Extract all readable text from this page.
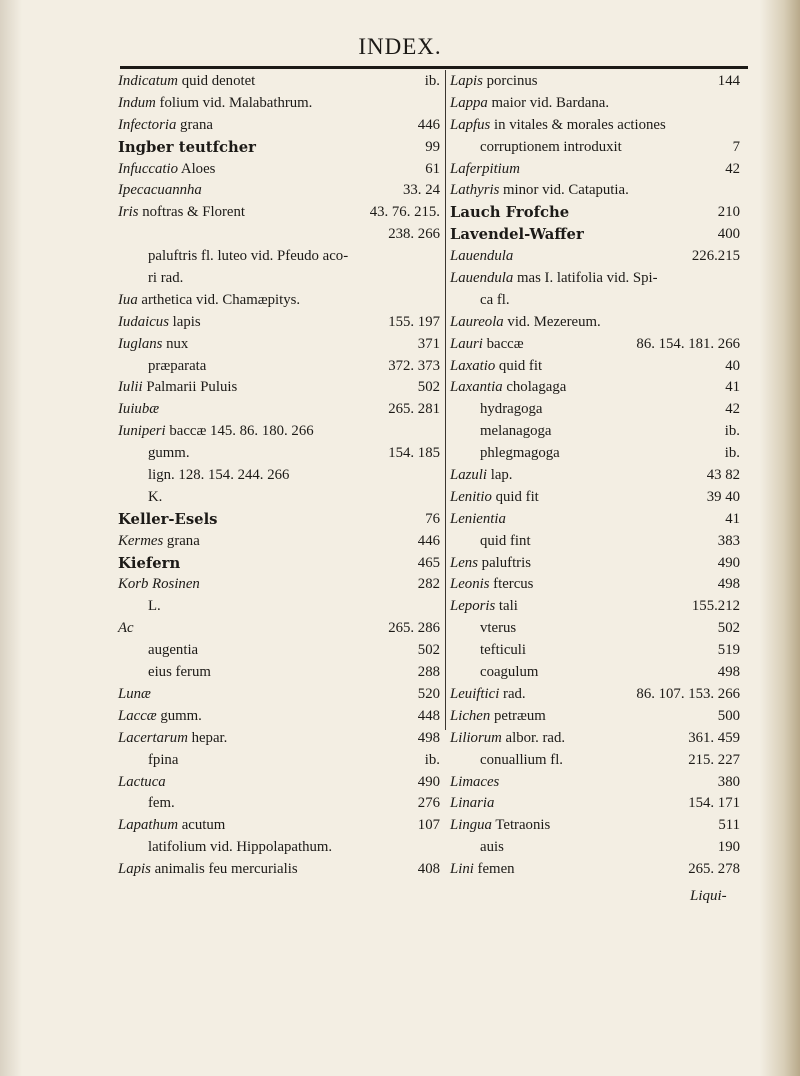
INDEX.
Indicatum quid denotet	ib.
Indum folium vid. Malabathrum.
Infectoria grana	446
Ingber teutfcher	99
Infuccatio Aloes	61
Ipecacuannha	33. 24
Iris noftras & Florent	43. 76. 215.
238. 266
paluftris fl. luteo vid. Pfeudo aco-
ri rad.
Iua arthetica vid. Chamæpitys.
Iudaicus lapis	155. 197
Iuglans nux	371
præparata	372. 373
Iulii Palmarii Puluis	502
Iuiubæ	265. 281
Iuniperi baccæ 145. 86. 180. 266
gumm.	154. 185
lign. 128. 154. 244. 266
K.
Keller-Esels	76
Kermes grana	446
Kiefern	465
Korb Rosinen	282
L.
Ac	265. 286
augentia	502
eius ferum	288
Lunæ	520
Laccæ gumm.	448
Lacertarum hepar.	498
fpina	ib.
Lactuca	490
fem.	276
Lapathum acutum	107
latifolium vid. Hippolapathum.
Lapis animalis feu mercurialis	408
Lapis porcinus	144
Lappa maior vid. Bardana.
Lapfus in vitales & morales actiones
corruptionem introduxit	7
Laferpitium	42
Lathyris minor vid. Cataputia.
Lauch Frofche	210
Lavendel-Waffer	400
Lauendula	226.215
Lauendula mas I. latifolia vid. Spi-
ca fl.
Laureola vid. Mezereum.
Lauri baccæ	86. 154. 181. 266
Laxatio quid fit	40
Laxantia cholagaga	41
hydragoga	42
melanagoga	ib.
phlegmagoga	ib.
Lazuli lap.	43 82
Lenitio quid fit	39 40
Lenientia	41
quid fint	383
Lens paluftris	490
Leonis ftercus	498
Leporis tali	155.212
vterus	502
tefticuli	519
coagulum	498
Leuiftici rad.	86. 107. 153. 266
Lichen petræum	500
Liliorum albor. rad.	361. 459
conuallium fl.	215. 227
Limaces	380
Linaria	154. 171
Lingua Tetraonis	511
auis	190
Lini femen	265. 278
Liqui-
